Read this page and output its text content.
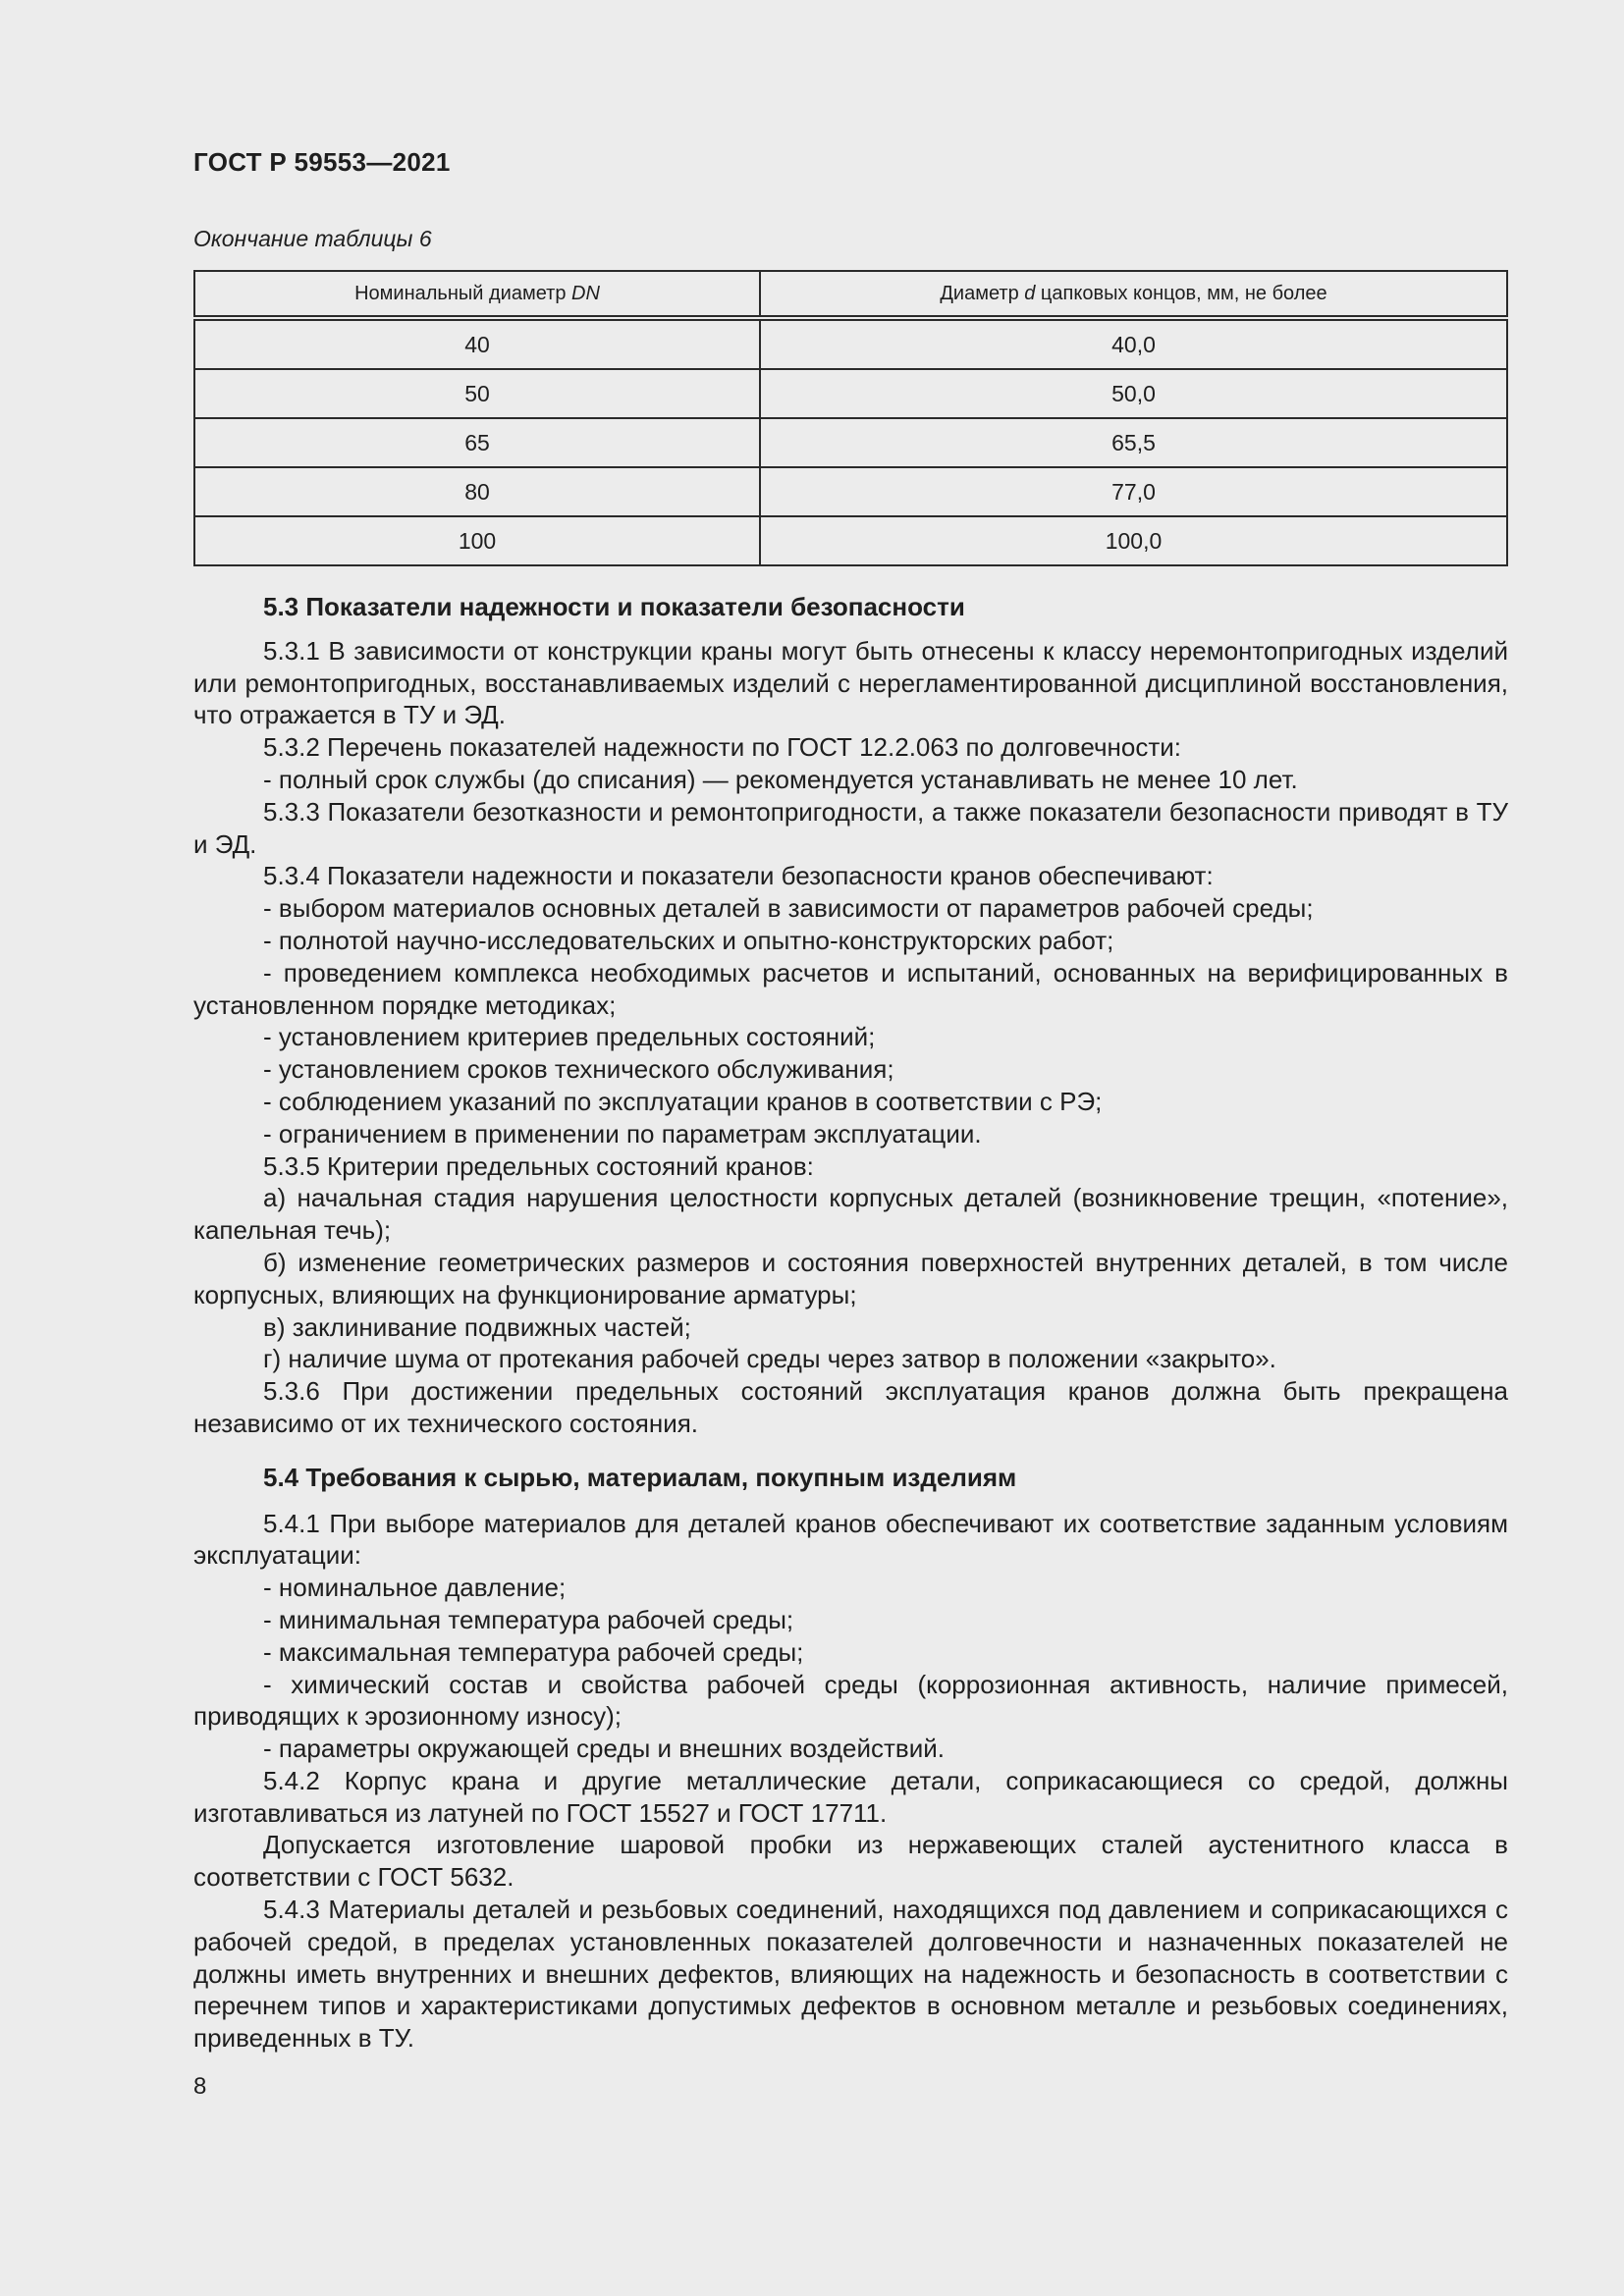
ГОСТ Р 59553—2021
Окончание таблицы 6
Номинальный диаметр DN	Диаметр d цапковых концов, мм, не более
40	40,0
50	50,0
65	65,5
80	77,0
100	100,0
5.3 Показатели надежности и показатели безопасности

5.3.1 В зависимости от конструкции краны могут быть отнесены к классу неремонтопригодных изделий или ремонтопригодных, восстанавливаемых изделий с нерегламентированной дисциплиной восстановления, что отражается в ТУ и ЭД.

5.3.2 Перечень показателей надежности по ГОСТ 12.2.063 по долговечности:

- полный срок службы (до списания) — рекомендуется устанавливать не менее 10 лет.

5.3.3 Показатели безотказности и ремонтопригодности, а также показатели безопасности приводят в ТУ и ЭД.

5.3.4 Показатели надежности и показатели безопасности кранов обеспечивают:

- выбором материалов основных деталей в зависимости от параметров рабочей среды;

- полнотой научно-исследовательских и опытно-конструкторских работ;

- проведением комплекса необходимых расчетов и испытаний, основанных на верифицированных в установленном порядке методиках;

- установлением критериев предельных состояний;

- установлением сроков технического обслуживания;

- соблюдением указаний по эксплуатации кранов в соответствии с РЭ;

- ограничением в применении по параметрам эксплуатации.

5.3.5 Критерии предельных состояний кранов:

а) начальная стадия нарушения целостности корпусных деталей (возникновение трещин, «потение», капельная течь);

б) изменение геометрических размеров и состояния поверхностей внутренних деталей, в том числе корпусных, влияющих на функционирование арматуры;

в) заклинивание подвижных частей;

г) наличие шума от протекания рабочей среды через затвор в положении «закрыто».

5.3.6 При достижении предельных состояний эксплуатация кранов должна быть прекращена независимо от их технического состояния.

5.4 Требования к сырью, материалам, покупным изделиям

5.4.1 При выборе материалов для деталей кранов обеспечивают их соответствие заданным условиям эксплуатации:

- номинальное давление;

- минимальная температура рабочей среды;

- максимальная температура рабочей среды;

- химический состав и свойства рабочей среды (коррозионная активность, наличие примесей, приводящих к эрозионному износу);

- параметры окружающей среды и внешних воздействий.

5.4.2 Корпус крана и другие металлические детали, соприкасающиеся со средой, должны изготавливаться из латуней по ГОСТ 15527 и ГОСТ 17711.

Допускается изготовление шаровой пробки из нержавеющих сталей аустенитного класса в соответствии с ГОСТ 5632.

5.4.3 Материалы деталей и резьбовых соединений, находящихся под давлением и соприкасающихся с рабочей средой, в пределах установленных показателей долговечности и назначенных показателей не должны иметь внутренних и внешних дефектов, влияющих на надежность и безопасность в соответствии с перечнем типов и характеристиками допустимых дефектов в основном металле и резьбовых соединениях, приведенных в ТУ.

8
